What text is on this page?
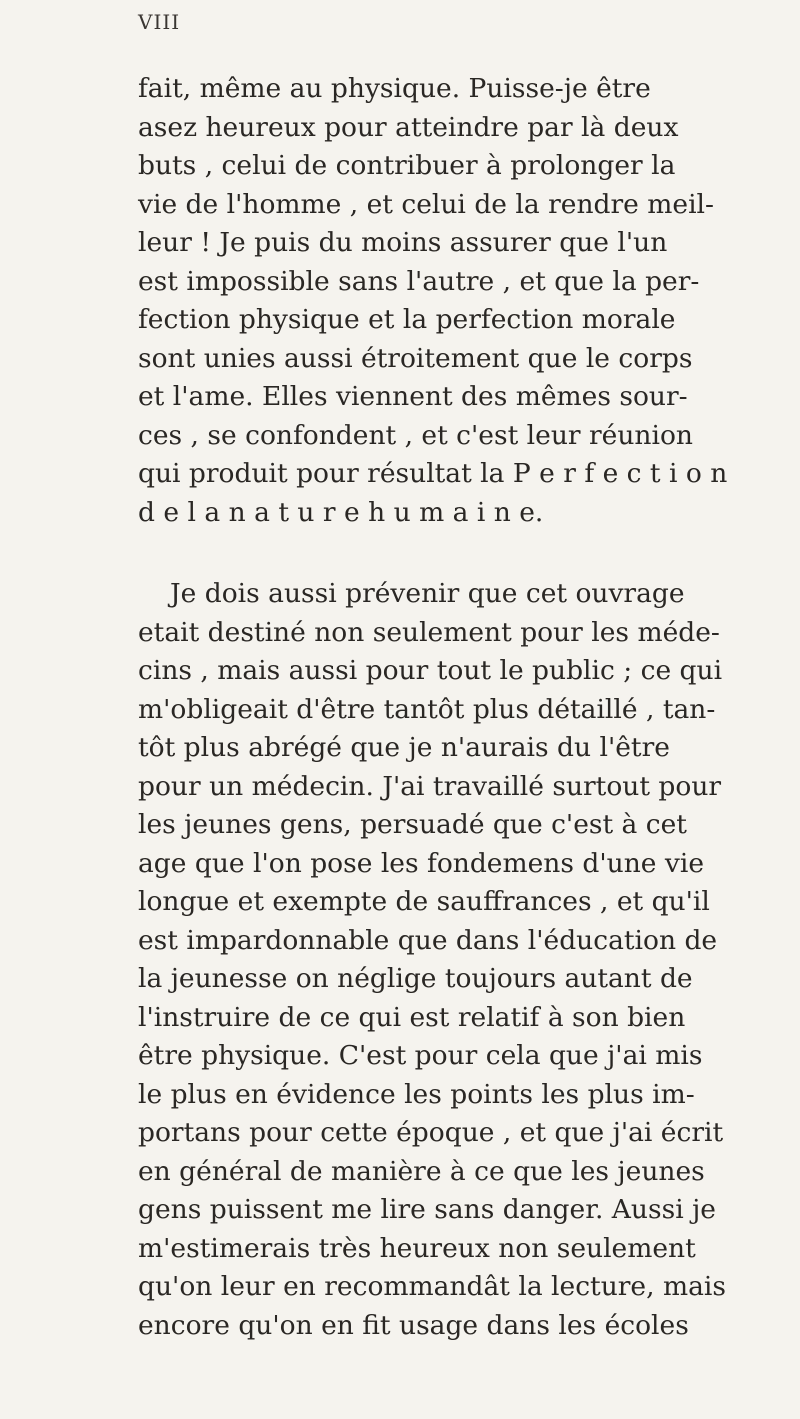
VIII
fait, même au physique. Puisse-je être
asez heureux pour atteindre par là deux
buts , celui de contribuer à prolonger la
vie de l'homme , et celui de la rendre meil-
leur ! Je puis du moins assurer que l'un
est impossible sans l'autre , et que la per-
fection physique et la perfection morale
sont unies aussi étroitement que le corps
et l'ame. Elles viennent des mêmes sour-
ces , se confondent , et c'est leur réunion
qui produit pour résultat la P e r f e c t i o n
d e l a n a t u r e h u m a i n e.
Je dois aussi prévenir que cet ouvrage
etait destiné non seulement pour les méde-
cins , mais aussi pour tout le public ; ce qui
m'obligeait d'être tantôt plus détaillé , tan-
tôt plus abrégé que je n'aurais du l'être
pour un médecin. J'ai travaillé surtout pour
les jeunes gens, persuadé que c'est à cet
age que l'on pose les fondemens d'une vie
longue et exempte de sauffrances , et qu'il
est impardonnable que dans l'éducation de
la jeunesse on néglige toujours autant de
l'instruire de ce qui est relatif à son bien
être physique. C'est pour cela que j'ai mis
le plus en évidence les points les plus im-
portans pour cette époque , et que j'ai écrit
en général de manière à ce que les jeunes
gens puissent me lire sans danger. Aussi je
m'estimerais très heureux non seulement
qu'on leur en recommandât la lecture, mais
encore qu'on en fit usage dans les écoles
